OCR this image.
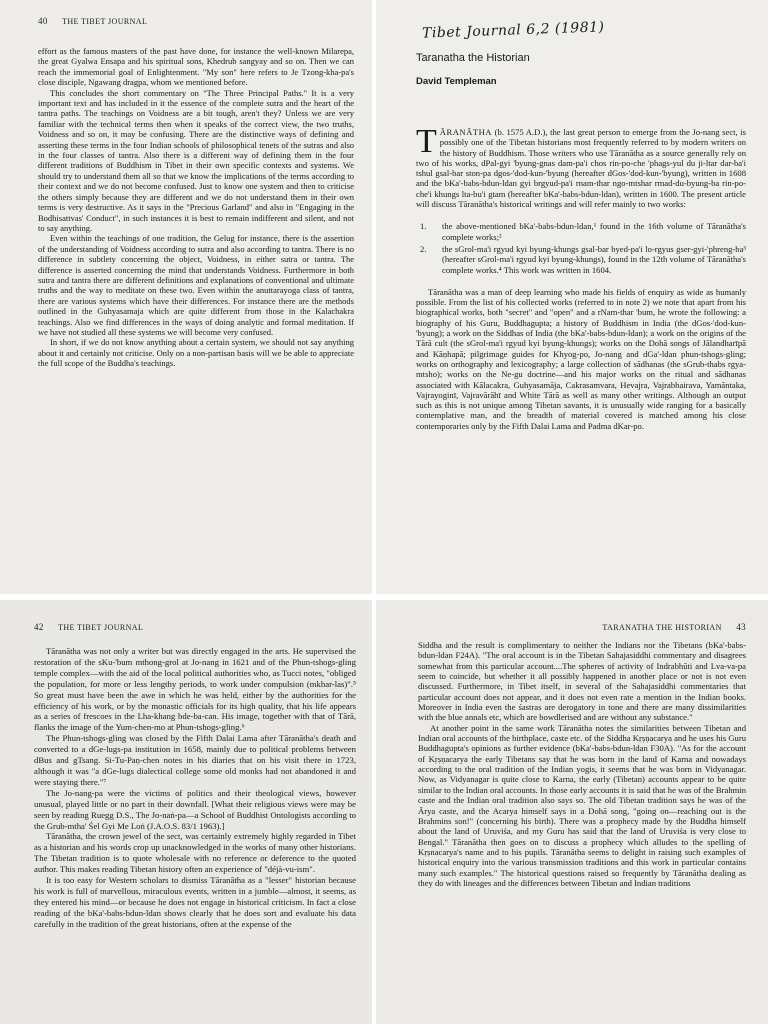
40 THE TIBET JOURNAL

effort as the famous masters of the past have done, for instance the well-known Milarepa, the great Gyalwa Ensapa and his spiritual sons, Khedrub sangyay and so on. Then we can reach the immemorial goal of Enlightenment. "My son" here refers to Je Tzong-kha-pa's close disciple, Ngawang dragpa, whom we mentioned before.

This concludes the short commentary on "The Three Principal Paths." It is a very important text and has included in it the essence of the complete sutra and the heart of the tantra paths. The teachings on Voidness are a bit tough, aren't they? Unless we are very familiar with the technical terms then when it speaks of the correct view, the two truths, Voidness and so on, it may be confusing. There are the distinctive ways of defining and asserting these terms in the four Indian schools of philosophical tenets of the sutras and also in the four classes of tantra. Also there is a different way of defining them in the four different traditions of Buddhism in Tibet in their own specific contexts and systems. We should try to understand them all so that we know the implications of the terms according to their context and we do not become confused. Just to know one system and then to criticise the others simply because they are different and we do not understand them in their own terms is very destructive. As it says in the "Precious Garland" and also in "Engaging in the Bodhisattvas' Conduct", in such instances it is best to remain indifferent and silent, and not to say anything.

Even within the teachings of one tradition, the Gelug for instance, there is the assertion of the understanding of Voidness according to sutra and also according to tantra. There is no difference in subtlety concerning the object, Voidness, in either sutra or tantra. The difference is asserted concerning the mind that understands Voidness. Furthermore in both sutra and tantra there are different definitions and explanations of conventional and ultimate truths and the way to meditate on these two. Even within the anuttarayoga class of tantra, there are various systems which have their differences. For instance there are the methods outlined in the Guhyasamaja which are quite different from those in the Kalachakra teachings. Also we find differences in the ways of doing analytic and formal meditation. If we have not studied all these systems we will become very confused.

In short, if we do not know anything about a certain system, we should not say anything about it and certainly not criticise. Only on a non-partisan basis will we be able to appreciate the full scope of the Buddha's teachings.

Tibet Journal 6,2 (1981)
Taranatha the Historian
David Templeman

TĀRANĀTHA (b. 1575 A.D.), the last great person to emerge from the Jo-nang sect, is possibly one of the Tibetan historians most frequently referred to by modern writers on the history of Buddhism. Those writers who use Tāranātha as a source generally rely on two of his works, dPal-gyi 'byung-gnas dam-pa'i chos rin-po-che 'phags-yul du ji-ltar dar-ba'i tshul gsal-bar ston-pa dgos-'dod-kun-'byung (hereafter dGos-'dod-kun-'byung), written in 1608 and the bKa'-babs-bdun-ldan gyi brgyud-pa'i rnam-thar ngo-mtshar rmad-du-byung-ba rin-po-che'i khungs lta-bu'i gtam (hereafter bKa'-babs-bdun-ldan), written in 1600. The present article will discuss Tāranātha's historical writings and will refer mainly to two works:

1.	the above-mentioned bKa'-babs-bdun-ldan,¹ found in the 16th volume of Tāranātha's complete works;²
2.	the sGrol-ma'i rgyud kyi byung-khungs gsal-bar byed-pa'i lo-rgyus gser-gyi-'phreng-ba³ (hereafter sGrol-ma'i rgyud kyi byung-khungs), found in the 12th volume of Tāranātha's complete works.⁴ This work was written in 1604.

Tāranātha was a man of deep learning who made his fields of enquiry as wide as humanly possible. From the list of his collected works (referred to in note 2) we note that apart from his biographical works, both "secret" and "open" and a rNam-thar 'bum, he wrote the following: a biography of his Guru, Buddhagupta; a history of Buddhism in India (the dGos-'dod-kun-'byung); a work on the Siddhas of India (the bKa'-babs-bdun-ldan); a work on the origins of the Tārā cult (the sGrol-ma'i rgyud kyi byung-khungs); works on the Dohā songs of Jālandharīpā and Kāṇhapā; pilgrimage guides for Khyog-po, Jo-nang and dGa'-ldan phun-tshogs-gling; works on orthography and lexicography; a large collection of sādhanas (the sGrub-thabs rgya-mtsho); works on the Ne-gu doctrine—and his major works on the ritual and sādhanas associated with Kālacakra, Guhyasamāja, Cakrasamvara, Hevajra, Vajrabhairava, Yamāntaka, Vajrayoginī, Vajravārāhī and White Tārā as well as many other writings. Although an output such as this is not unique among Tibetan savants, it is unusually wide ranging for a basically contemplative man, and the breadth of material covered is matched among his close contemporaries only by the Fifth Dalai Lama and Padma dKar-po.

42 THE TIBET JOURNAL

Tāranātha was not only a writer but was directly engaged in the arts. He supervised the restoration of the sKu-'bum mthong-grol at Jo-nang in 1621 and of the Phun-tshogs-gling temple complex—with the aid of the local political authorities who, as Tucci notes, "obliged the population, for more or less lengthy periods, to work under compulsion (mkhar-las)".⁵ So great must have been the awe in which he was held, either by the authorities for the efficiency of his work, or by the monastic officials for its high quality, that his life appears as a series of frescoes in the Lha-khang bde-ba-can. His image, together with that of Tārā, flanks the image of the Yum-chen-mo at Phun-tshogs-gling.⁶

The Phun-tshogs-gling was closed by the Fifth Dalai Lama after Tāranātha's death and converted to a dGe-lugs-pa institution in 1658, mainly due to political problems between dBus and gTsang. Si-Tu-Paṇ-chen notes in his diaries that on his visit there in 1723, although it was "a dGe-lugs dialectical college some old monks had not abandoned it and were staying there."⁷

The Jo-nang-pa were the victims of politics and their theological views, however unusual, played little or no part in their downfall. [What their religious views were may be seen by reading Ruegg D.S., The Jo-naṅ-pa—a School of Buddhist Ontologists according to the Grub-mtha' Śel Gyi Me Loṅ (J.A.O.S. 83/1 1963).]

Tāranātha, the crown jewel of the sect, was certainly extremely highly regarded in Tibet as a historian and his words crop up unacknowledged in the works of many other historians. The Tibetan tradition is to quote wholesale with no reference or deference to the quoted author. This makes reading Tibetan history often an experience of "déjà-vu-ism".

It is too easy for Western scholars to dismiss Tāranātha as a "lesser" historian because his work is full of marvellous, miraculous events, written in a jumble—almost, it seems, as they entered his mind—or because he does not engage in historical criticism. In fact a close reading of the bKa'-babs-bdun-ldan shows clearly that he does sort and evaluate his data carefully in the tradition of the great historians, often at the expense of the

TARANATHA THE HISTORIAN 43

Siddha and the result is complimentary to neither the Indians nor the Tibetans (bKa'-babs-bdun-ldan F24A). "The oral account is in the Tibetan Sahajasiddhi commentary and disagrees somewhat from this particular account....The spheres of activity of Indrabhūti and Lva-va-pa seem to coincide, but whether it all possibly happened in another place or not is not even discussed. Furthermore, in Tibet itself, in several of the Sahajasiddhi commentaries that particular account does not appear, and it does not even rate a mention in the Indian books. Moreover in India even the śastras are derogatory in tone and there are many dissimilarities with the blue annals etc, which are bowdlerised and are without any substance."

At another point in the same work Tāranātha notes the similarities between Tibetan and Indian oral accounts of the birthplace, caste etc. of the Siddha Kṛṣṇacarya and he uses his Guru Buddhagupta's opinions as further evidence (bKa'-babs-bdun-ldan F30A). "As for the account of Kṛṣṇacarya the early Tibetans say that he was born in the land of Karna and nowadays according to the oral tradition of the Indian yogis, it seems that he was born in Vidyanagar. Now, as Vidyanagar is quite close to Karna, the early (Tibetan) accounts appear to be quite similar to the Indian oral accounts. In those early accounts it is said that he was of the Brahmin caste and the Indian oral tradition also says so. The old Tibetan tradition says he was of the Ārya caste, and the Acarya himself says in a Dohā song, "going on—reaching out is the Brahmins son!" (concerning his birth). There was a prophecy made by the Buddha himself about the land of Uruviśa, and my Guru has said that the land of Uruviśa is very close to Bengal." Tāranātha then goes on to discuss a prophecy which alludes to the spelling of Kṛṣnacarya's name and to his pupils. Tāranātha seems to delight in raising such examples of historical enquiry into the various transmission traditions and this work in particular contains many such examples." The historical questions raised so frequently by Tāranātha dealing as they do with lineages and the differences between Tibetan and Indian traditions
